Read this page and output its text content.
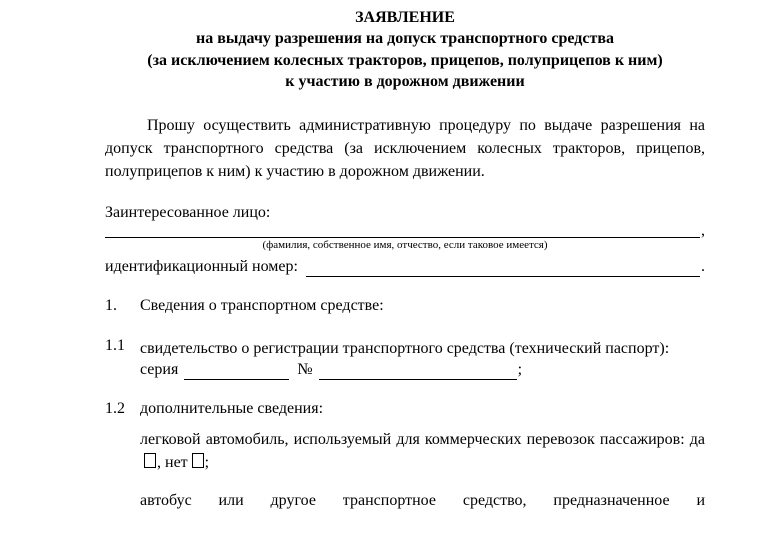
ЗАЯВЛЕНИЕ
на выдачу разрешения на допуск транспортного средства
(за исключением колесных тракторов, прицепов, полуприцепов к ним)
к участию в дорожном движении
Прошу осуществить административную процедуру по выдаче разрешения на допуск транспортного средства (за исключением колесных тракторов, прицепов, полуприцепов к ним) к участию в дорожном движении.
Заинтересованное лицо:
,
(фамилия, собственное имя, отчество, если таковое имеется)
идентификационный номер:	.
1.	Сведения о транспортном средстве:
1.1 свидетельство о регистрации транспортного средства (технический паспорт):
серия	№	;
1.2 дополнительные сведения:
легковой автомобиль, используемый для коммерческих перевозок пассажиров: да, нет ;
автобус или другое транспортное средство, предназначенное и
